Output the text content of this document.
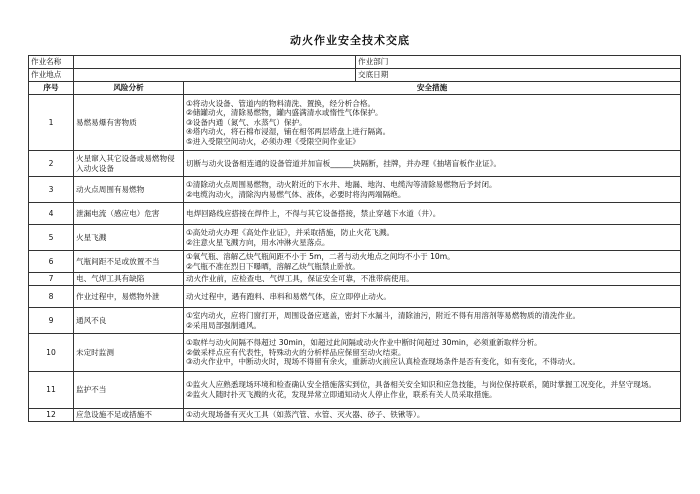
动火作业安全技术交底
作业名称			作业部门
作业地点			交底日期
序号	风险分析	安全措施	
1	易燃易爆有害物质	①将动火设备、管道内的物料清洗、置换，经分析合格。

②储罐动火，清除易燃物，罐内盛满清水或惰性气体保护。

③设备内通（氮气、水蒸气）保护。

④塔内动火，将石棉布浸湿，铺在相邻两层塔盘上进行隔离。

⑤进入受限空间动火，必须办理《受限空间作业证》	

2	火星窜入其它设备或易燃物侵入动火设备	切断与动火设备相连通的设备管道并加盲板______块隔断，挂牌，并办理《抽堵盲板作业证》。	

3	动火点周围有易燃物	①清除动火点周围易燃物，动火附近的下水井、地漏、地沟、电缆沟等清除易燃物后予封闭。

②电缆沟动火，清除沟内易燃气体、液体，必要时将沟两端隔绝。	

4	泄漏电流（感应电）危害	电焊回路线应搭接在焊件上，不得与其它设备搭接，禁止穿越下水道（井）。	

5	火星飞溅	①高处动火办理《高处作业证》，并采取措施，防止火花飞溅。

②注意火星飞溅方向，用水冲淋火星落点。	

6	气瓶间距不足或放置不当	①氧气瓶、溶解乙炔气瓶间距不小于 5m，二者与动火地点之间均不小于 10m。

②气瓶不准在烈日下曝晒，溶解乙炔气瓶禁止卧放。	

7	电、气焊工具有缺陷	动火作业前，应检查电、气焊工具，保证安全可靠，不准带病使用。	

8	作业过程中，易燃物外泄	动火过程中，遇有跑料、串料和易燃气体，应立即停止动火。	

9	通风不良	①室内动火，应将门窗打开，周围设备应遮盖，密封下水漏斗，清除油污，附近不得有用溶剂等易燃物质的清洗作业。

②采用局部强制通风。	

10	未定时监测	①取样与动火间隔不得超过 30min，如超过此间隔或动火作业中断时间超过 30min，必须重新取样分析。

②做采样点应有代表性，特殊动火的分析样品应保留至动火结束。

③动火作业中，中断动火时，现场不得留有余火，重新动火前应认真检查现场条件是否有变化，如有变化，不得动火。	

11	监护不当	①监火人应熟悉现场环境和检查确认安全措施落实到位，具备相关安全知识和应急技能，与岗位保持联系，随时掌握工况变化，并坚守现场。

②监火人随时扑灭飞溅的火花，发现异常立即通知动火人停止作业，联系有关人员采取措施。	

12	应急设施不足或措施不	①动火现场备有灭火工具（如蒸汽管、水管、灭火器、砂子、铁锹等）。	
